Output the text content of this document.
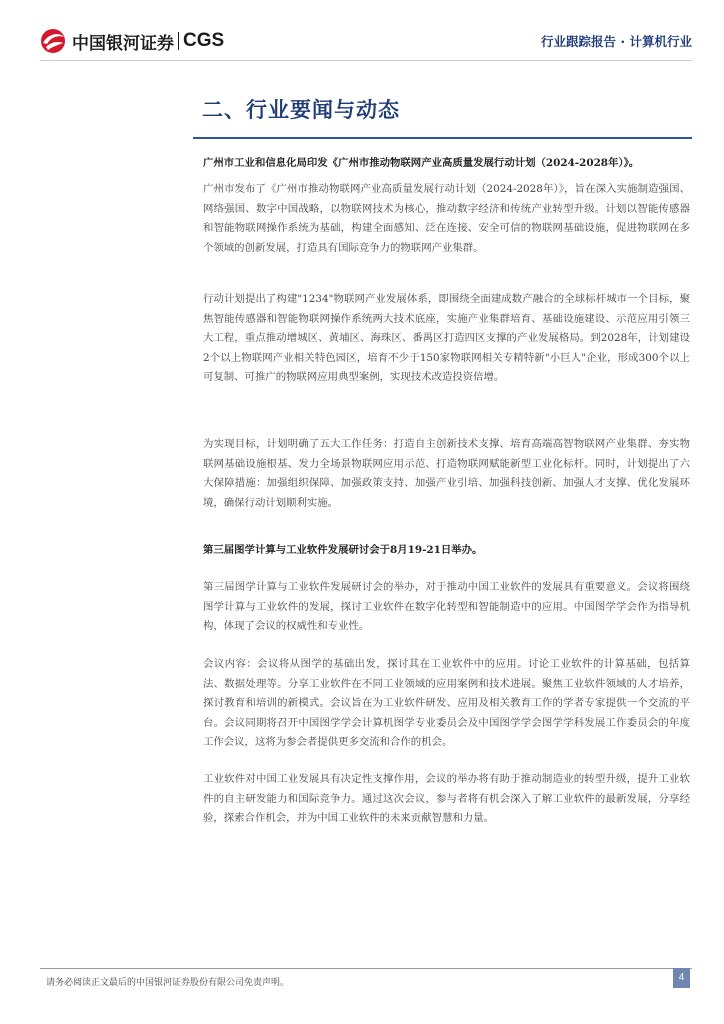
中国银河证券 CGS	行业跟踪报告 · 计算机行业
二、行业要闻与动态

广州市工业和信息化局印发《广州市推动物联网产业高质量发展行动计划（2024-2028年）》。

广州市发布了《广州市推动物联网产业高质量发展行动计划（2024-2028年）》，旨在深入实施制造强国、网络强国、数字中国战略，以物联网技术为核心，推动数字经济和传统产业转型升级。计划以智能传感器和智能物联网操作系统为基础，构建全面感知、泛在连接、安全可信的物联网基础设施，促进物联网在多个领域的创新发展，打造具有国际竞争力的物联网产业集群。

行动计划提出了构建"1234"物联网产业发展体系，即围绕全面建成数产融合的全球标杆城市一个目标，聚焦智能传感器和智能物联网操作系统两大技术底座，实施产业集群培育、基础设施建设、示范应用引领三大工程，重点推动增城区、黄埔区、海珠区、番禺区打造四区支撑的产业发展格局。到2028年，计划建设2个以上物联网产业相关特色园区，培育不少于150家物联网相关专精特新"小巨人"企业，形成300个以上可复制、可推广的物联网应用典型案例，实现技术改造投资倍增。

为实现目标，计划明确了五大工作任务：打造自主创新技术支撑、培育高端高智物联网产业集群、夯实物联网基础设施根基、发力全场景物联网应用示范、打造物联网赋能新型工业化标杆。同时，计划提出了六大保障措施：加强组织保障、加强政策支持、加强产业引培、加强科技创新、加强人才支撑、优化发展环境，确保行动计划顺利实施。

第三届图学计算与工业软件发展研讨会于8月19-21日举办。

第三届图学计算与工业软件发展研讨会的举办，对于推动中国工业软件的发展具有重要意义。会议将围绕图学计算与工业软件的发展，探讨工业软件在数字化转型和智能制造中的应用。中国图学学会作为指导机构，体现了会议的权威性和专业性。

会议内容：会议将从图学的基础出发，探讨其在工业软件中的应用。讨论工业软件的计算基础，包括算法、数据处理等。分享工业软件在不同工业领域的应用案例和技术进展。聚焦工业软件领域的人才培养，探讨教育和培训的新模式。会议旨在为工业软件研发、应用及相关教育工作的学者专家提供一个交流的平台。会议同期将召开中国图学学会计算机图学专业委员会及中国图学学会图学学科发展工作委员会的年度工作会议，这将为参会者提供更多交流和合作的机会。

工业软件对中国工业发展具有决定性支撑作用，会议的举办将有助于推动制造业的转型升级，提升工业软件的自主研发能力和国际竞争力。通过这次会议，参与者将有机会深入了解工业软件的最新发展，分享经验，探索合作机会，并为中国工业软件的未来贡献智慧和力量。

请务必阅读正文最后的中国银河证券股份有限公司免责声明。	4
